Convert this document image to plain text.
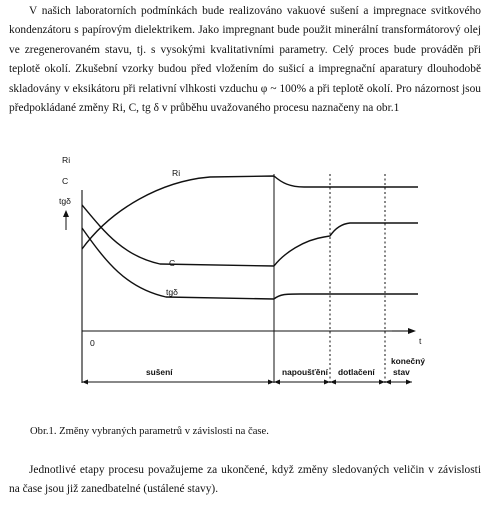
V našich laboratorních podmínkách bude realizováno vakuové sušení a impregnace svitkového kondenzátoru s papírovým dielektrikem. Jako impregnant bude použit minerální transformátorový olej ve zregenerovaném stavu, tj. s vysokými kvalitativními parametry. Celý proces bude prováděn při teplotě okolí. Zkušební vzorky budou před vložením do sušicí a impregnační aparatury dlouhodobě skladovány v eksikátoru při relativní vlhkosti vzduchu φ ~ 100% a při teplotě okolí. Pro názornost jsou předpokládané změny Ri, C, tg δ v průběhu uvažovaného procesu naznačeny na obr.1

Ri
C
tgδ
t
0
Ri
C
tgδ
sušení	napoušťění dotlačení
konečný
stav

Obr.1. Změny vybraných parametrů v závislosti na čase.

Jednotlivé etapy procesu považujeme za ukončené, když změny sledovaných veličin v závislosti na čase jsou již zanedbatelné (ustálené stavy).
